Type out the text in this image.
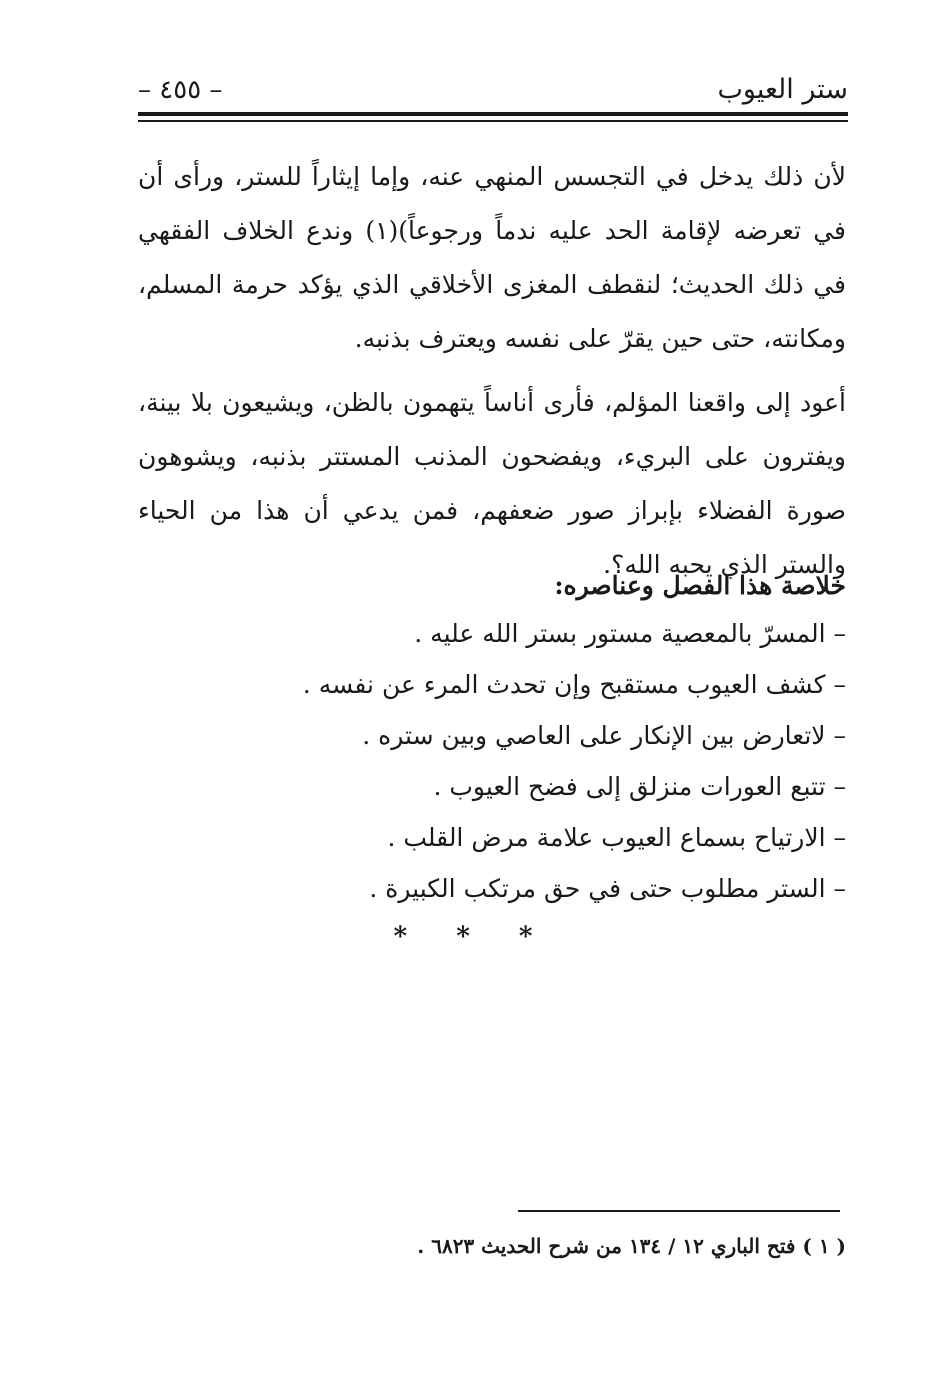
ستر العيوب
– ٤٥٥ –

لأن ذلك يدخل في التجسس المنهي عنه، وإما إيثاراً للستر، ورأى أن في تعرضه لإقامة الحد عليه ندماً ورجوعاً)(١) وندع الخلاف الفقهي في ذلك الحديث؛ لنقطف المغزى الأخلاقي الذي يؤكد حرمة المسلم، ومكانته، حتى حين يقرّ على نفسه ويعترف بذنبه.

أعود إلى واقعنا المؤلم، فأرى أناساً يتهمون بالظن، ويشيعون بلا بينة، ويفترون على البريء، ويفضحون المذنب المستتر بذنبه، ويشوهون صورة الفضلاء بإبراز صور ضعفهم، فمن يدعي أن هذا من الحياء والستر الذي يحبه الله؟.

خلاصة هذا الفصل وعناصره:

– المسرّ بالمعصية مستور بستر الله عليه .
– كشف العيوب مستقبح وإن تحدث المرء عن نفسه .
– لاتعارض بين الإنكار على العاصي وبين ستره .
– تتبع العورات منزلق إلى فضح العيوب .
– الارتياح بسماع العيوب علامة مرض القلب .
– الستر مطلوب حتى في حق مرتكب الكبيرة .
* * *
( ١ ) فتح الباري ١٢ / ١٣٤ من شرح الحديث ٦٨٢٣ .
